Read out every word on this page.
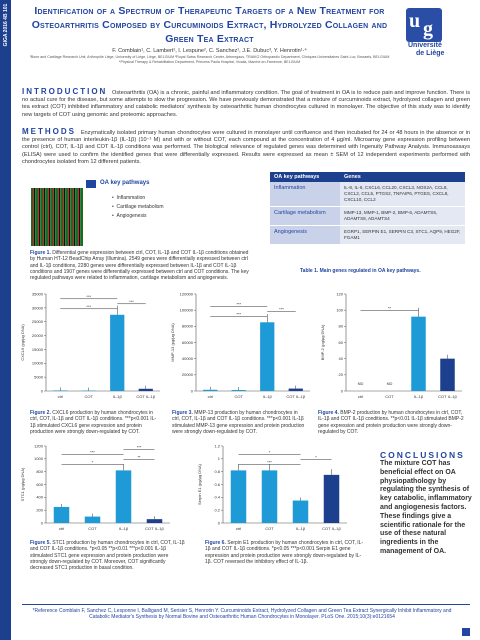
GIGA 2016 4B 101	Identification of a Spectrum of Therapeutic Targets of a New Treatment for Osteoarthritis Composed by Curcuminoids Extract, Hydrolyzed Collagen and Green Tea Extract
F. Comblain¹, C. Lambert¹, I. Lespune², C. Sanchez¹, J.E. Dubuc³, Y. Henrotin¹·⁴
¹Bone and Cartilage Research Unit, Arthropôle Liège, University of Liège, Liège, BELGIUM ²Royal Swiss Research Center, Arbmegaus, TRAIKO Orthopaedic Department, Cliniques Universitaires Saint-Luc, Brussels, BELGIUM ⁴Physical Therapy & Rehabilitation Department, Princess Paola Hospital, Vivalia, Marche-en-Famenne, BELGIUM
u g
Université
de Liège
INTRODUCTION Osteoarthritis (OA) is a chronic, painful and inflammatory condition. The goal of treatment in OA is to reduce pain and improve function. There is no actual cure for the disease, but some attempts to slow the progression. We have previously demonstrated that a mixture of curcuminoids extract, hydrolyzed collagen and green tea extract (COT) inhibited inflammatory and catabolic mediators' synthesis by osteoarthritic human chondrocytes cultured in monolayer. The objective of this study was to identify new targets of COT using genomic and proteomic approaches.
METHODS Enzymatically isolated primary human chondrocytes were cultured in monolayer until confluence and then incubated for 24 or 48 hours in the absence or in the presence of human interleukin-1β (IL-1β) (10⁻¹ M) and with or without COT, each compound at the concentration of 4 µg/ml. Microarray gene expression profiling between control (ctrl), COT, IL-1β and COT IL-1β conditions was performed. The biological relevance of regulated genes was determined with Ingenuity Pathway Analysis. Immunoassays (ELISA) were used to confirm the identified genes that were differentially expressed. Results were expressed as mean ± SEM of 12 independent experiments performed with chondrocytes isolated from 12 different patients.
OA key pathways
•  Inflammation
•  Cartilage metabolism
•  Angiogenesis
Figure 1. Differential gene expression between ctrl, COT, IL-1β and COT IL-1β conditions obtained by Human HT-12 BeadChip Array (Illumina). 2549 genes were differentially expressed between ctrl and IL-1β conditions, 2280 genes were differentially expressed between IL-1β and COT IL-1β conditions and 1907 genes were differentially expressed between ctrl and COT conditions. The key regulated pathways were related to inflammation, cartilage metabolism and angiogenesis.
OA key pathways	Genes
Inflammation	IL-8, IL-6, CXCL6, CCL20, CXCL3, NOS2A, CCL8, CXCL2, CCL5, PTGS2, TNFAIP6, PTGES, CXCL8, CXCL10, CCL2
Cartilage metabolism	MMP-13, MMP-1, BMP-2, BMP-6, ADAMTS5, ADAMTS8, ADAMTS4
Angiogenesis	EGRP1, SERPIN E1, SERPIN C3, STC1, AQP9, HEG2F, FGAM1
Table 1. Main genes regulated in OA key pathways.
CXCL6 (pg/µg DNA)
0
5000
10000
15000
20000
25000
30000
35000
ctrl	COT	IL-1β	COT IL-1β
***
***
***
MMP-13 (pg/µg DNA)
0
20000
40000
60000
80000
100000
120000
ctrl	COT	IL-1β	COT IL-1β
***
***
***
BMP-2 (pg/µg DNA)
0
20
40
60
80
100
120
ctrl	COT	IL-1β	COT IL-1β
ND	ND
**
STC1 (pg/µg DNA)
0
200
400
600
800
1000
1200
ctrl	COT	IL-1β	COT IL-1β
*
**
***
***
Serpin E1 (pg/µg DNA)
0
0.2
0.4
0.6
0.8
1
1.2
ctrl	COT	IL-1β	COT IL-1β
***
*
*
Figure 2. CXCL6 production by human chondrocytes in ctrl, COT, IL-1β and COT IL-1β conditions. ***p<0.001 IL-1β stimulated CXCL6 gene expression and protein production were strongly down-regulated by COT.
Figure 3. MMP-13 production by human chondrocytes in ctrl, COT, IL-1β and COT IL-1β conditions. ***p<0.001 IL-1β stimulated MMP-13 gene expression and protein production were strongly down-regulated by COT.
Figure 4. BMP-2 production by human chondrocytes in ctrl, COT, IL-1β and COT IL-1β conditions. **p<0.01 IL-1β stimulated BMP-2 gene expression and protein production were strongly down-regulated by COT.
Figure 5. STC1 production by human chondrocytes in ctrl, COT, IL-1β and COT IL-1β conditions. *p<0.05 **p<0.01 ***p<0.001 IL-1β stimulated STC1 gene expression and protein production were strongly down-regulated by COT. Moreover, COT significantly decreased STC1 production in basal condition.
Figure 6. Serpin E1 production by human chondrocytes in ctrl, COT, IL-1β and COT IL-1β conditions. *p<0.05 ***p<0.001 Serpin E1 gene expression and protein production were strongly down-regulated by IL-1β. COT reversed the inhibitory effect of IL-1β.
CONCLUSIONS
The mixture COT has beneficial effect on OA physiopathology by regulating the synthesis of key catabolic, inflammatory and angiogenesis factors. These findings give a scientific rationale for the use of these natural ingredients in the management of OA.
*Reference Comblain F, Sanchez C, Lesponne I, Balligand M, Serisier S, Henrotin Y. Curcuminoids Extract, Hydrolyzed Collagen and Green Tea Extract Synergically Inhibit Inflammatory and Catabolic Mediator's Synthesis by Normal Bovine and Osteoarthritic Human Chondrocytes in Monolayer. PLoS One. 2015;10(3):e0121654
